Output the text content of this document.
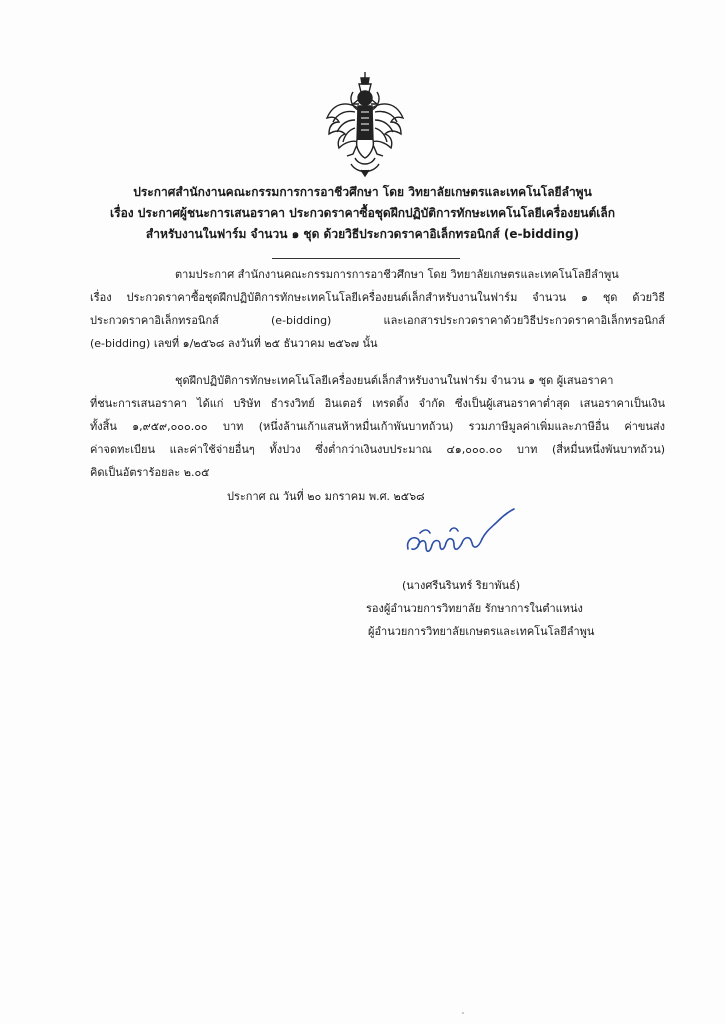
ประกาศสำนักงานคณะกรรมการการอาชีวศึกษา โดย วิทยาลัยเกษตรและเทคโนโลยีลำพูน
เรื่อง ประกาศผู้ชนะการเสนอราคา ประกวดราคาซื้อชุดฝึกปฏิบัติการทักษะเทคโนโลยีเครื่องยนต์เล็ก
สำหรับงานในฟาร์ม จำนวน ๑ ชุด ด้วยวิธีประกวดราคาอิเล็กทรอนิกส์ (e-bidding)
ตามประกาศ สำนักงานคณะกรรมการการอาชีวศึกษา โดย วิทยาลัยเกษตรและเทคโนโลยีลำพูน
เรื่อง ประกวดราคาซื้อชุดฝึกปฏิบัติการทักษะเทคโนโลยีเครื่องยนต์เล็กสำหรับงานในฟาร์ม จำนวน ๑ ชุด ด้วยวิธี
ประกวดราคาอิเล็กทรอนิกส์ (e-bidding) และเอกสารประกวดราคาด้วยวิธีประกวดราคาอิเล็กทรอนิกส์
(e-bidding) เลขที่ ๑/๒๕๖๘ ลงวันที่ ๒๕ ธันวาคม ๒๕๖๗ นั้น
ชุดฝึกปฏิบัติการทักษะเทคโนโลยีเครื่องยนต์เล็กสำหรับงานในฟาร์ม จำนวน ๑ ชุด ผู้เสนอราคา
ที่ชนะการเสนอราคา ได้แก่ บริษัท ธำรงวิทย์ อินเตอร์ เทรดดิ้ง จำกัด ซึ่งเป็นผู้เสนอราคาต่ำสุด เสนอราคาเป็นเงิน
ทั้งสิ้น ๑,๙๕๙,๐๐๐.๐๐ บาท (หนึ่งล้านเก้าแสนห้าหมื่นเก้าพันบาทถ้วน) รวมภาษีมูลค่าเพิ่มและภาษีอื่น ค่าขนส่ง
ค่าจดทะเบียน และค่าใช้จ่ายอื่นๆ ทั้งปวง ซึ่งต่ำกว่าเงินงบประมาณ ๔๑,๐๐๐.๐๐ บาท (สี่หมื่นหนึ่งพันบาทถ้วน)
คิดเป็นอัตราร้อยละ ๒.๐๕
ประกาศ ณ วันที่ ๒๐ มกราคม พ.ศ. ๒๕๖๘
(นางศรีนรินทร์ ริยาพันธ์)
รองผู้อำนวยการวิทยาลัย รักษาการในตำแหน่ง
ผู้อำนวยการวิทยาลัยเกษตรและเทคโนโลยีลำพูน
